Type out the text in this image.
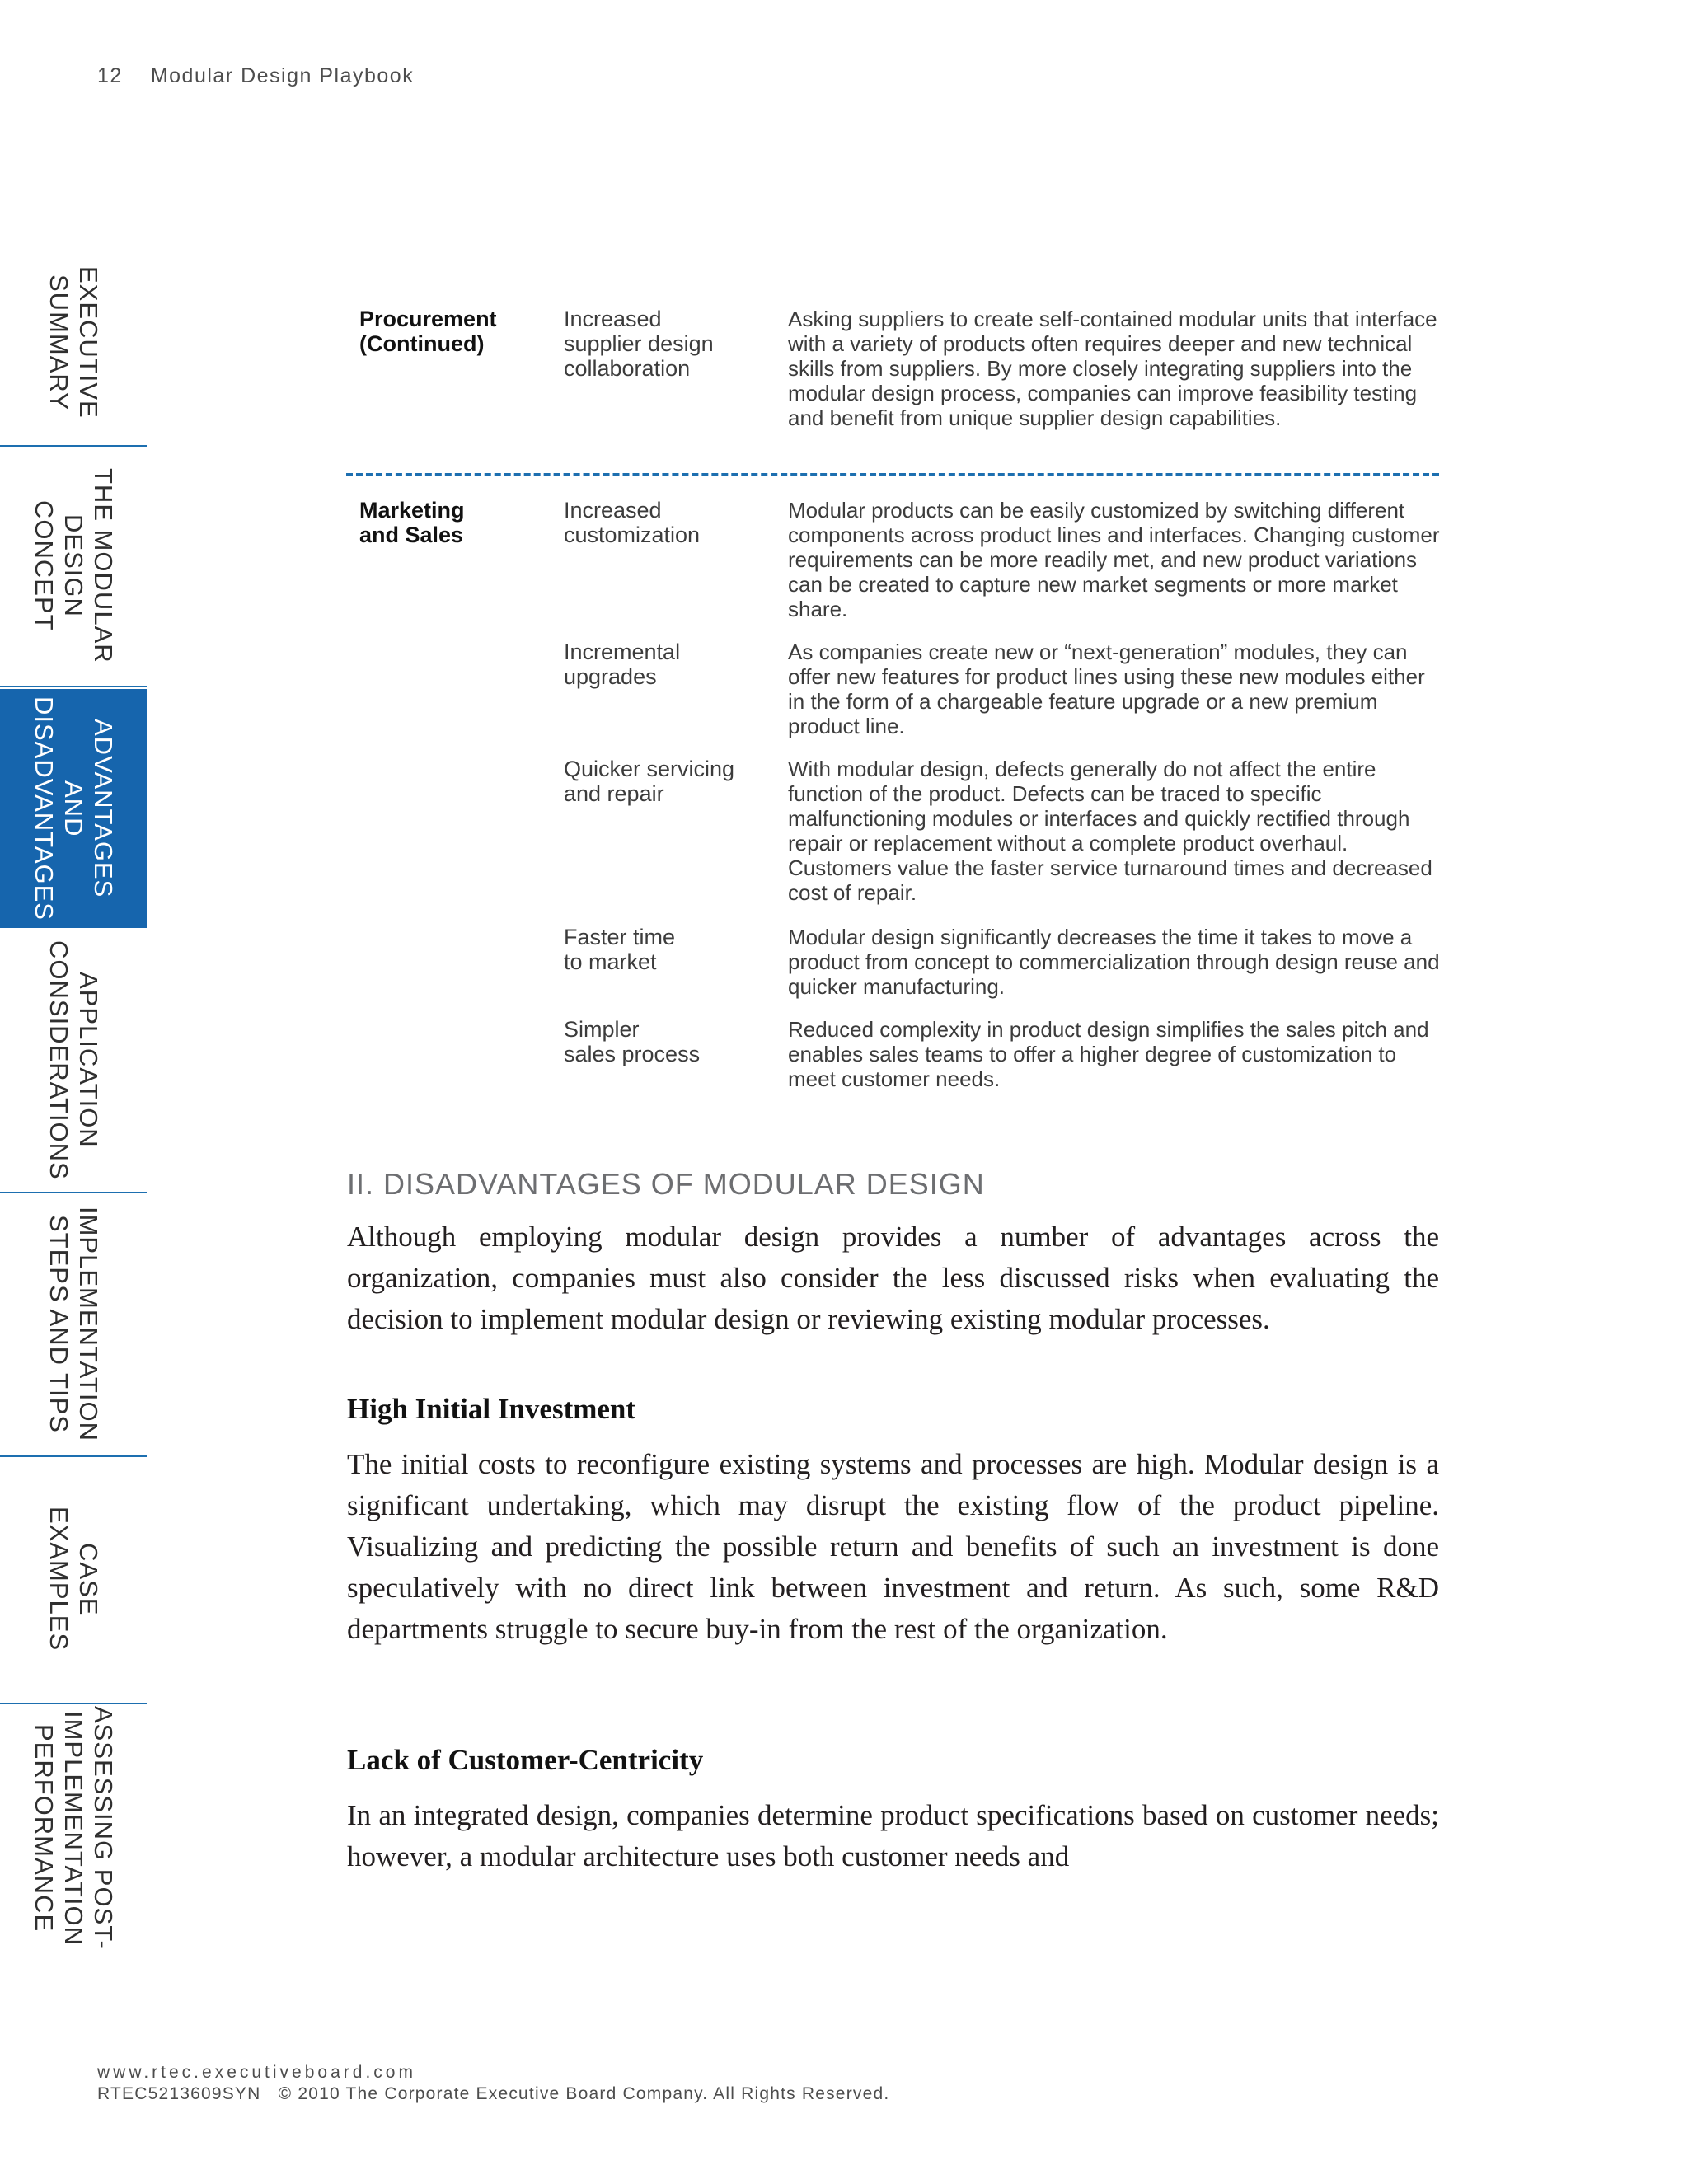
12 Modular Design Playbook
EXECUTIVE
SUMMARY
THE MODULAR
DESIGN CONCEPT
ADVANTAGES
AND
DISADVANTAGES
APPLICATION
CONSIDERATIONS
IMPLEMENTATION
STEPS AND TIPS
CASE
EXAMPLES
ASSESSING POST-
IMPLEMENTATION
PERFORMANCE
Procurement
(Continued)
Increased
supplier design
collaboration
Asking suppliers to create self-contained modular units that interface with a variety of products often requires deeper and new technical skills from suppliers. By more closely integrating suppliers into the modular design process, companies can improve feasibility testing and benefit from unique supplier design capabilities.
Marketing
and Sales
Increased
customization
Modular products can be easily customized by switching different components across product lines and interfaces. Changing customer requirements can be more readily met, and new product variations can be created to capture new market segments or more market share.
Incremental
upgrades
As companies create new or “next-generation” modules, they can offer new features for product lines using these new modules either in the form of a chargeable feature upgrade or a new premium product line.
Quicker servicing
and repair
With modular design, defects generally do not affect the entire function of the product. Defects can be traced to specific malfunctioning modules or interfaces and quickly rectified through repair or replacement without a complete product overhaul. Customers value the faster service turnaround times and decreased cost of repair.
Faster time
to market
Modular design significantly decreases the time it takes to move a product from concept to commercialization through design reuse and quicker manufacturing.
Simpler
sales process
Reduced complexity in product design simplifies the sales pitch and enables sales teams to offer a higher degree of customization to meet customer needs.
II. DISADVANTAGES OF MODULAR DESIGN
Although employing modular design provides a number of advantages across the organization, companies must also consider the less discussed risks when evaluating the decision to implement modular design or reviewing existing modular processes.
High Initial Investment
The initial costs to reconfigure existing systems and processes are high. Modular design is a significant undertaking, which may disrupt the existing flow of the product pipeline. Visualizing and predicting the possible return and benefits of such an investment is done speculatively with no direct link between investment and return. As such, some R&D departments struggle to secure buy-in from the rest of the organization.
Lack of Customer-Centricity
In an integrated design, companies determine product specifications based on customer needs; however, a modular architecture uses both customer needs and
www.rtec.executiveboard.com
RTEC5213609SYN © 2010 The Corporate Executive Board Company. All Rights Reserved.
